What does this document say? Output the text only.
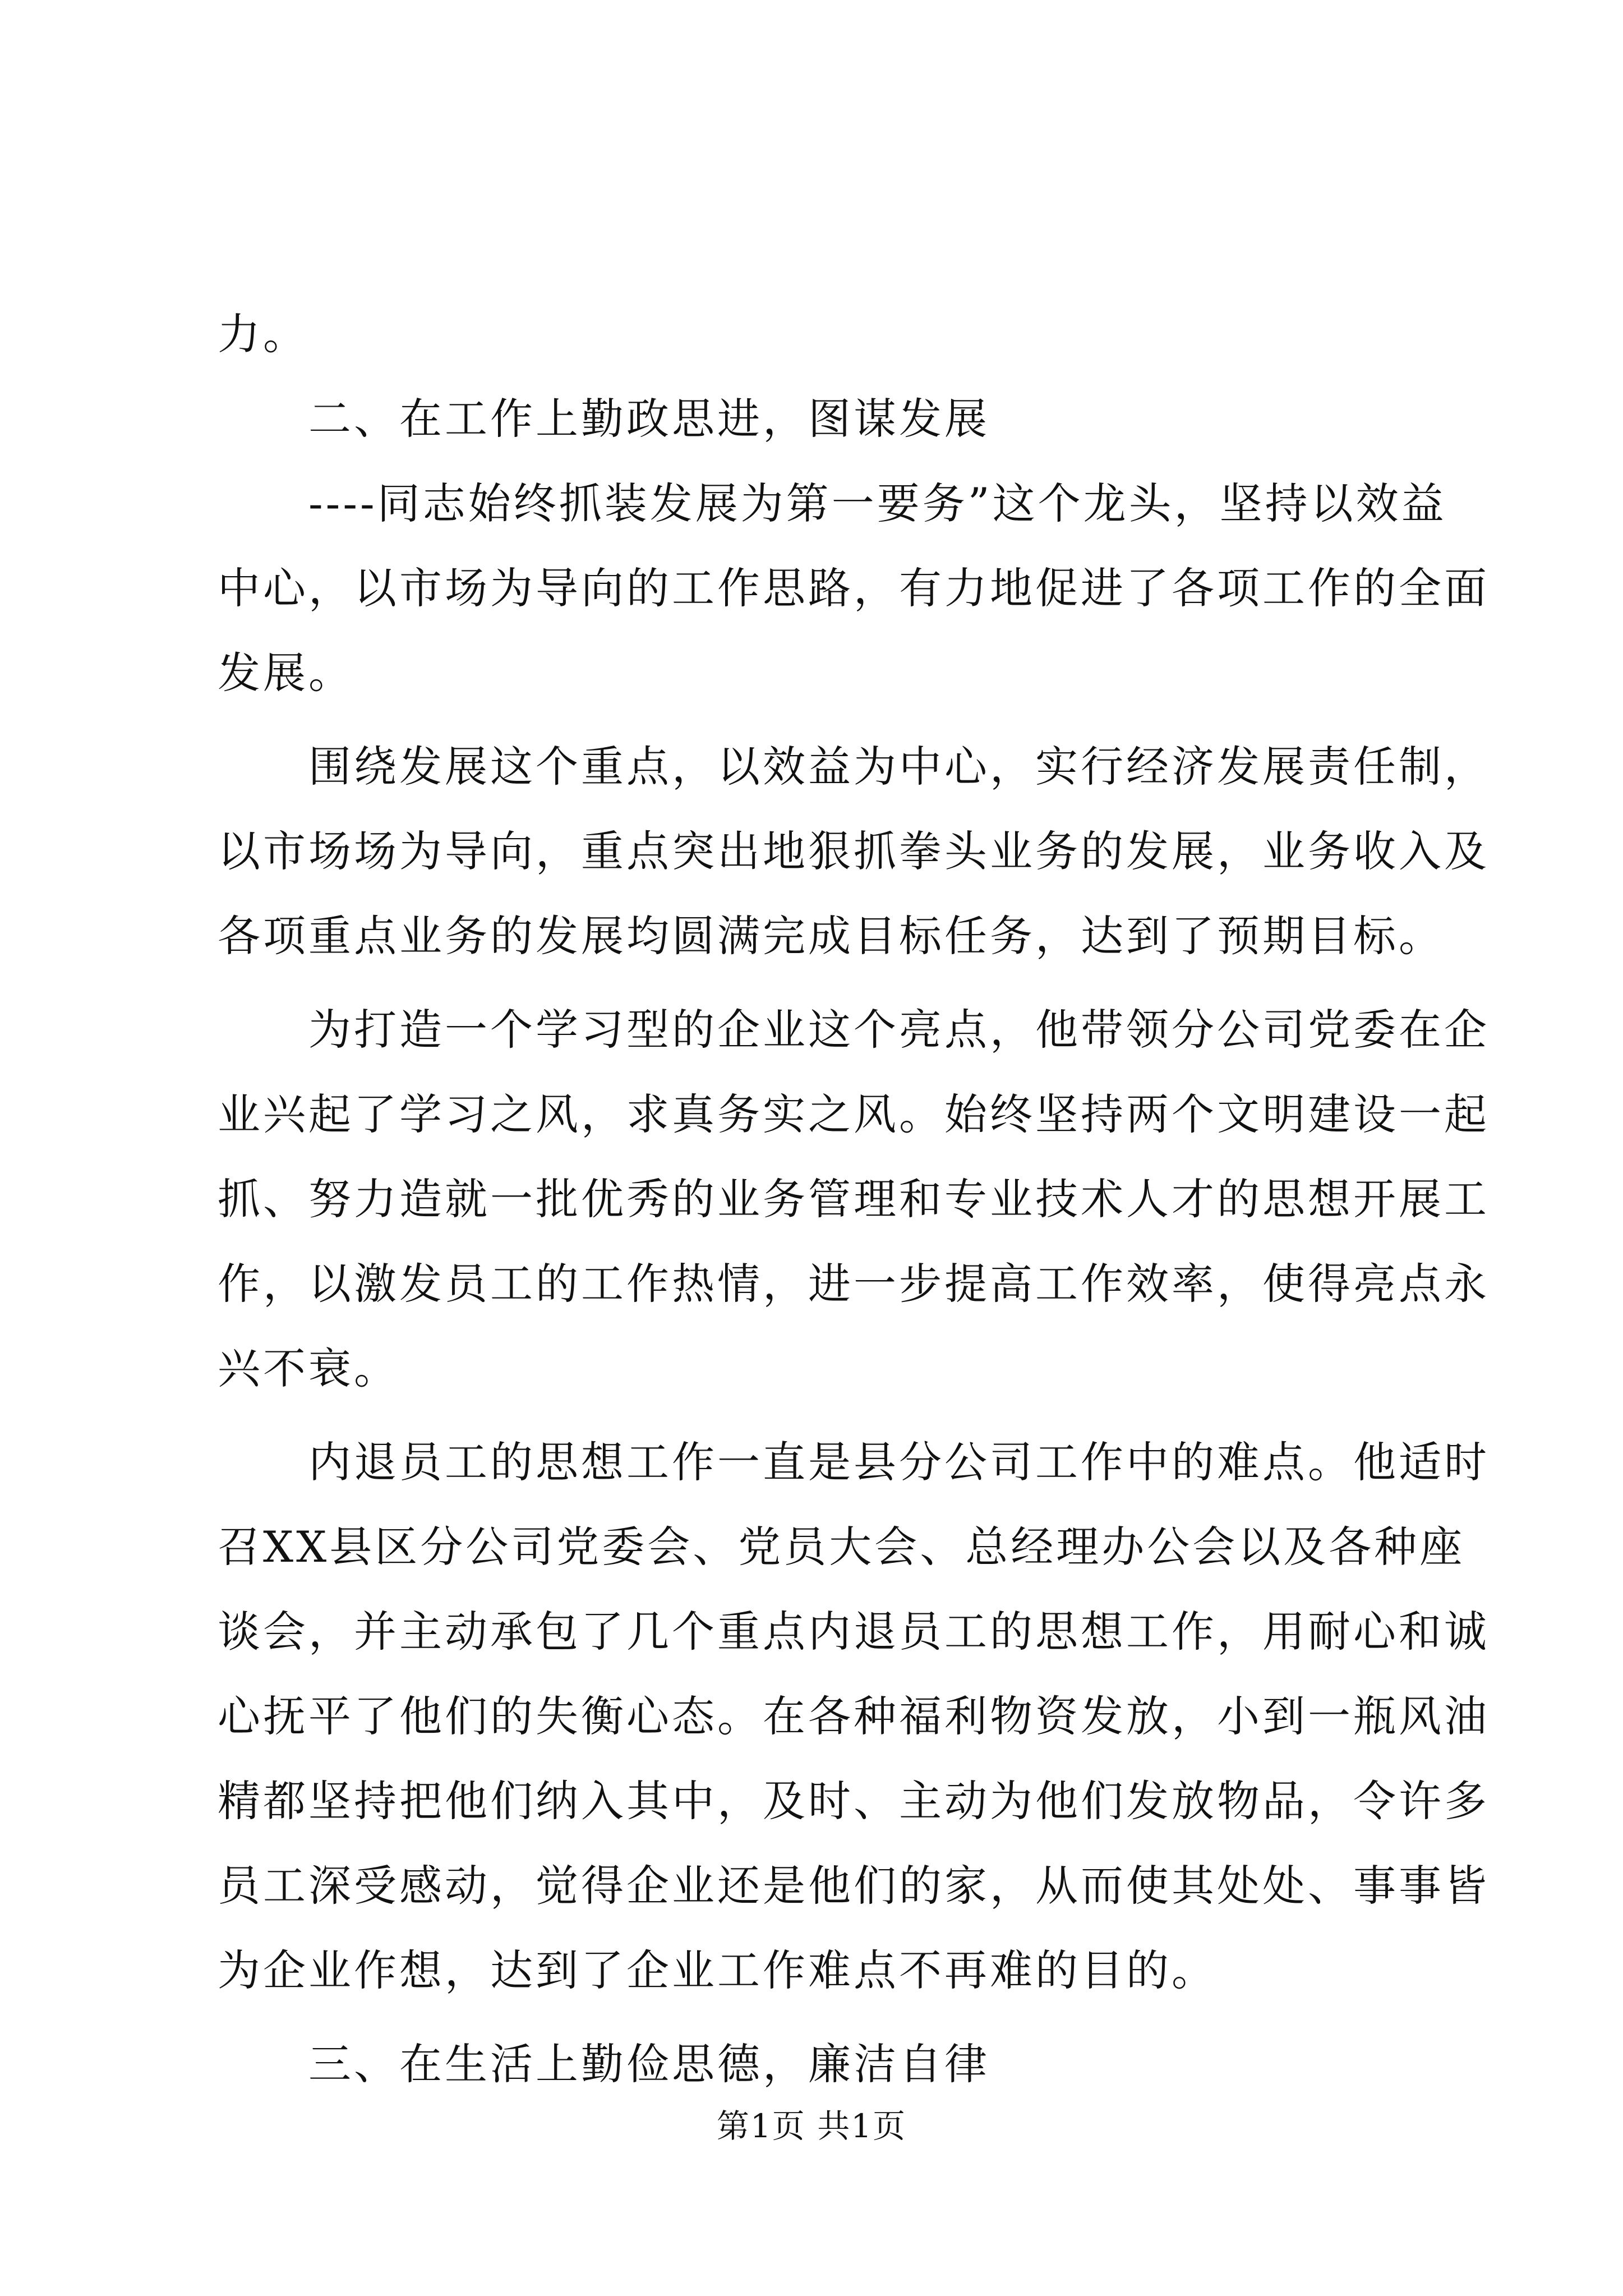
力。
二、在工作上勤政思进，图谋发展
----同志始终抓装发展为第一要务”这个龙头，坚持以效益
中心，以市场为导向的工作思路，有力地促进了各项工作的全面
发展。
围绕发展这个重点，以效益为中心，实行经济发展责任制，
以市场场为导向，重点突出地狠抓拳头业务的发展，业务收入及
各项重点业务的发展均圆满完成目标任务，达到了预期目标。
为打造一个学习型的企业这个亮点，他带领分公司党委在企
业兴起了学习之风，求真务实之风。始终坚持两个文明建设一起
抓、努力造就一批优秀的业务管理和专业技术人才的思想开展工
作，以激发员工的工作热情，进一步提高工作效率，使得亮点永
兴不衰。
内退员工的思想工作一直是县分公司工作中的难点。他适时
召XX县区分公司党委会、党员大会、总经理办公会以及各种座
谈会，并主动承包了几个重点内退员工的思想工作，用耐心和诚
心抚平了他们的失衡心态。在各种福利物资发放，小到一瓶风油
精都坚持把他们纳入其中，及时、主动为他们发放物品，令许多
员工深受感动，觉得企业还是他们的家，从而使其处处、事事皆
为企业作想，达到了企业工作难点不再难的目的。
三、在生活上勤俭思德，廉洁自律
第1页 共1页
